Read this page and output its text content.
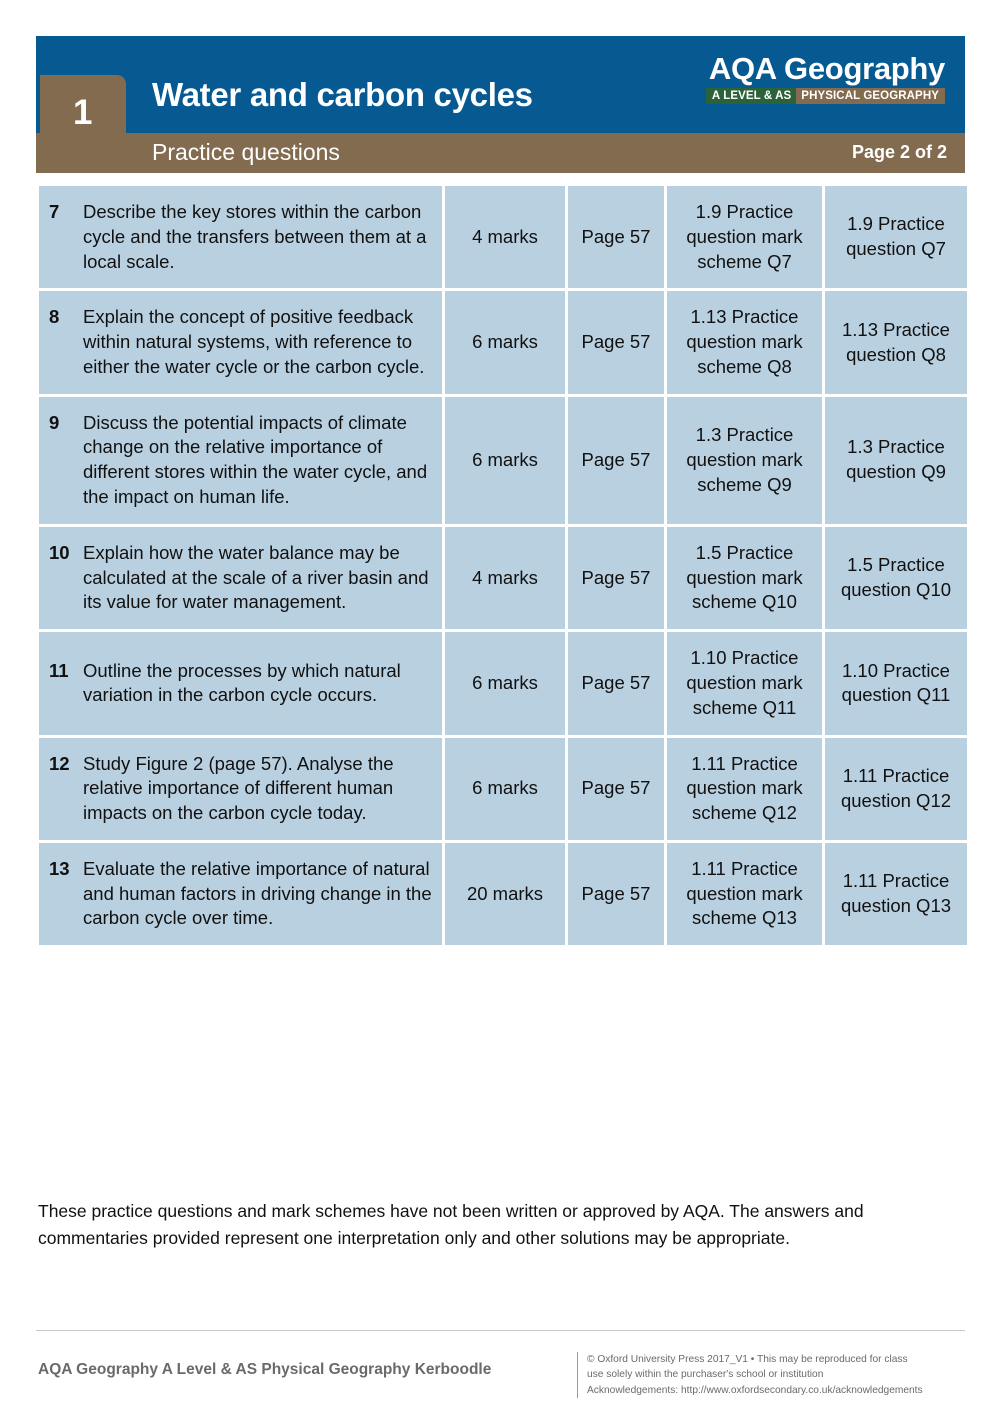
1 Water and carbon cycles
Practice questions	Page 2 of 2
AQA Geography
A LEVEL & AS PHYSICAL GEOGRAPHY
7 Describe the key stores within the carbon cycle and the transfers between them at a local scale.	4 marks	Page 57	1.9 Practice question mark scheme Q7	1.9 Practice question Q7

8 Explain the concept of positive feedback within natural systems, with reference to either the water cycle or the carbon cycle.	6 marks	Page 57	1.13 Practice question mark scheme Q8	1.13 Practice question Q8

9 Discuss the potential impacts of climate change on the relative importance of different stores within the water cycle, and the impact on human life.	6 marks	Page 57	1.3 Practice question mark scheme Q9	1.3 Practice question Q9

10 Explain how the water balance may be calculated at the scale of a river basin and its value for water management.	4 marks	Page 57	1.5 Practice question mark scheme Q10	1.5 Practice question Q10

11 Outline the processes by which natural variation in the carbon cycle occurs.	6 marks	Page 57	1.10 Practice question mark scheme Q11	1.10 Practice question Q11

12 Study Figure 2 (page 57). Analyse the relative importance of different human impacts on the carbon cycle today.	6 marks	Page 57	1.11 Practice question mark scheme Q12	1.11 Practice question Q12

13 Evaluate the relative importance of natural and human factors in driving change in the carbon cycle over time.	20 marks	Page 57	1.11 Practice question mark scheme Q13	1.11 Practice question Q13
These practice questions and mark schemes have not been written or approved by AQA. The answers and commentaries provided represent one interpretation only and other solutions may be appropriate.
AQA Geography A Level & AS Physical Geography Kerboodle
© Oxford University Press 2017_V1 • This may be reproduced for class
use solely within the purchaser's school or institution
Acknowledgements: http://www.oxfordsecondary.co.uk/acknowledgements
